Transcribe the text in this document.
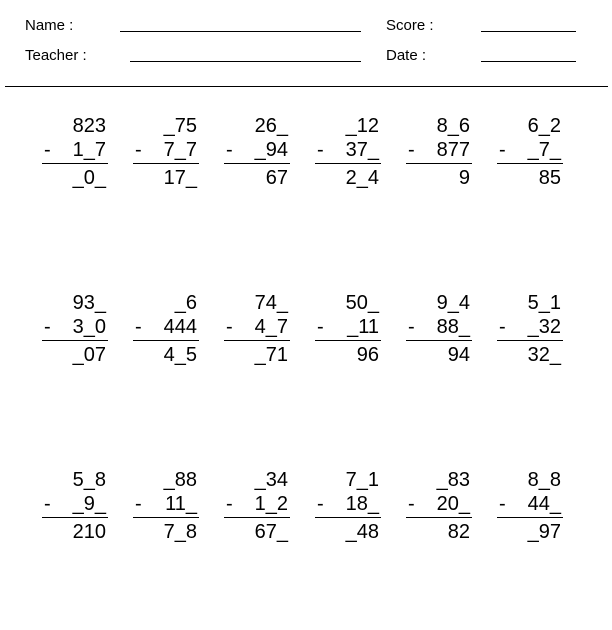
Name :	Score :
Teacher :	Date :
823
-	1_7
_0_
_75
-	7_7
17_
26_
-	_94
67
_12
-	37_
2_4
8_6
-	877
9
6_2
-	_7_
85
93_
-	3_0
_07
_6
-	444
4_5
74_
-	4_7
_71
50_
-	_11
96
9_4
-	88_
94
5_1
-	_32
32_
5_8
-	_9_
210
_88
-	11_
7_8
_34
-	1_2
67_
7_1
-	18_
_48
_83
-	20_
82
8_8
-	44_
_97
